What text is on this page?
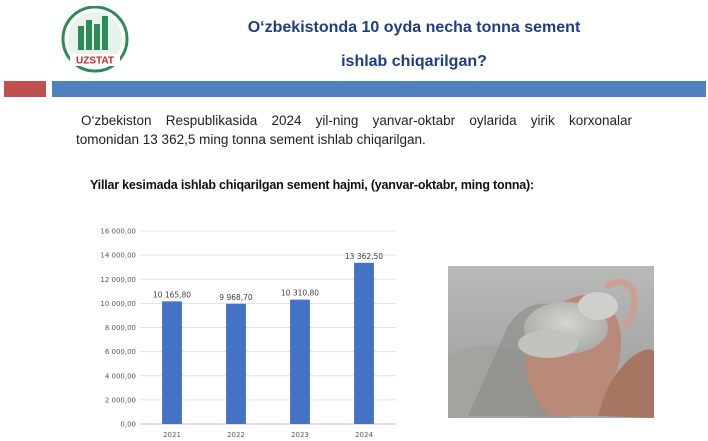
UZSTAT
O‘zbekistonda 10 oyda necha tonna sement
ishlab chiqarilgan?
O‘zbekiston Respublikasida 2024 yil-ning yanvar-oktabr oylarida yirik korxonalar
tomonidan 13 362,5 ming tonna sement ishlab chiqarilgan.
Yillar kesimada ishlab chiqarilgan sement hajmi, (yanvar-oktabr, ming tonna):
0,00
2 000,00
4 000,00
6 000,00
8 000,00
10 000,00
12 000,00
14 000,00
16 000,00
10 165,80
2021
9 968,70
2022
10 310,80
2023
13 362,50
2024
